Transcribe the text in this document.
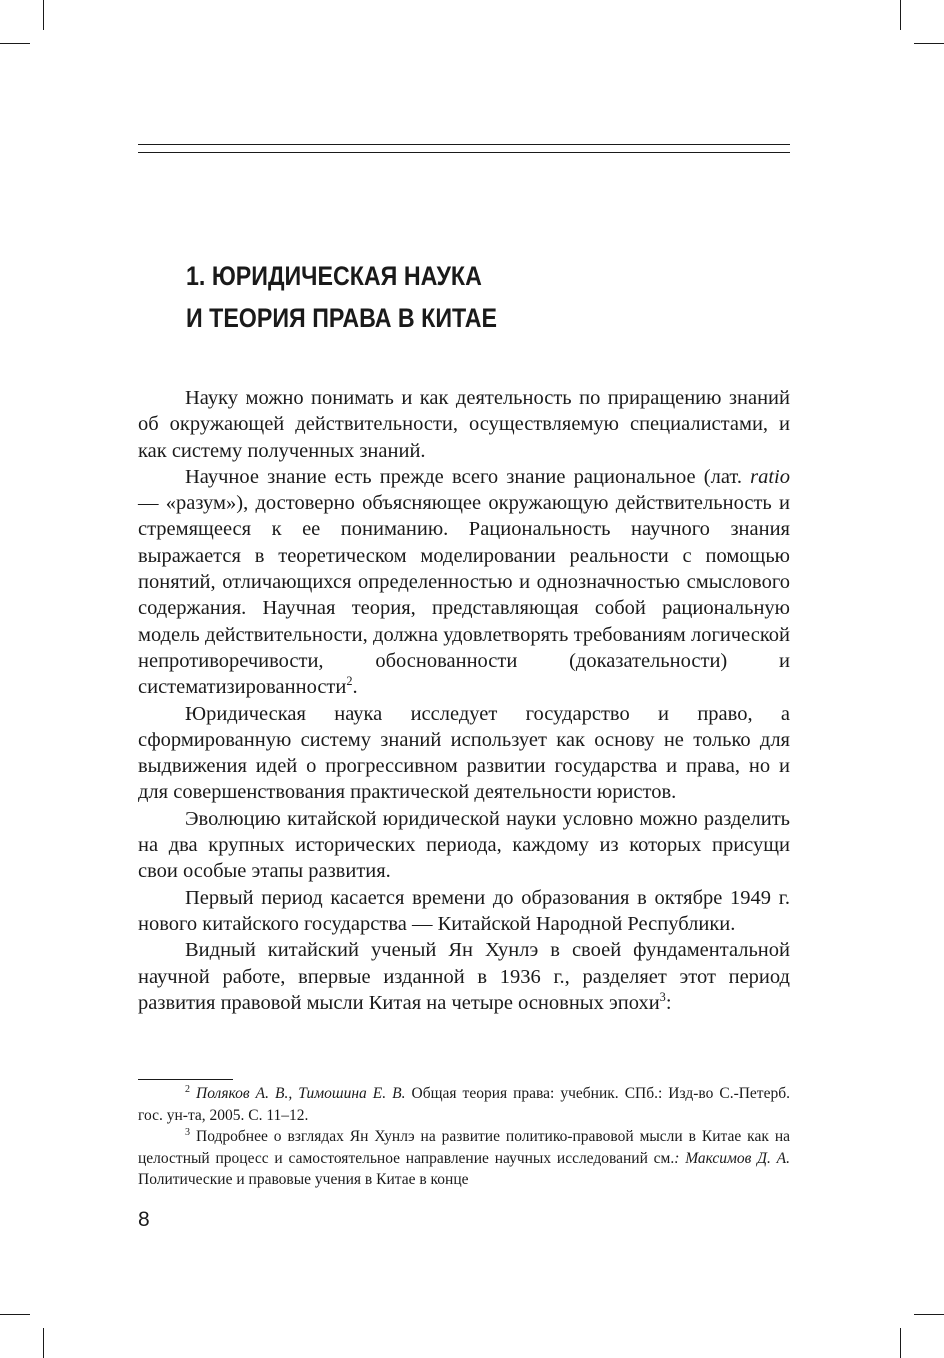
1. ЮРИДИЧЕСКАЯ НАУКА
И ТЕОРИЯ ПРАВА В КИТАЕ

Науку можно понимать и как деятельность по приращению знаний об окружающей действительности, осуществляемую специалистами, и как систему полученных знаний.

Научное знание есть прежде всего знание рациональное (лат. ratio — «разум»), достоверно объясняющее окружающую действительность и стремящееся к ее пониманию. Рациональность научного знания выражается в теоретическом моделировании реальности с помощью понятий, отличающихся определенностью и однозначностью смыслового содержания. Научная теория, представляющая собой рациональную модель действительности, должна удовлетворять требованиям логической непротиворечивости, обоснованности (доказательности) и систематизированности$^2$.

Юридическая наука исследует государство и право, а сформированную систему знаний использует как основу не только для выдвижения идей о прогрессивном развитии государства и права, но и для совершенствования практической деятельности юристов.

Эволюцию китайской юридической науки условно можно разделить на два крупных исторических периода, каждому из которых присущи свои особые этапы развития.

Первый период касается времени до образования в октябре 1949 г. нового китайского государства — Китайской Народной Республики.

Видный китайский ученый Ян Хунлэ в своей фундаментальной научной работе, впервые изданной в 1936 г., разделяет этот период развития правовой мысли Китая на четыре основных эпохи$^3$:

$^2$ Поляков А. В., Тимошина Е. В. Общая теория права: учебник. СПб.: Изд-во С.-Петерб. гос. ун-та, 2005. С. 11–12.

$^3$ Подробнее о взглядах Ян Хунлэ на развитие политико-правовой мысли в Китае как на целостный процесс и самостоятельное направление научных исследований см.: Максимов Д. А. Политические и правовые учения в Китае в конце

8
